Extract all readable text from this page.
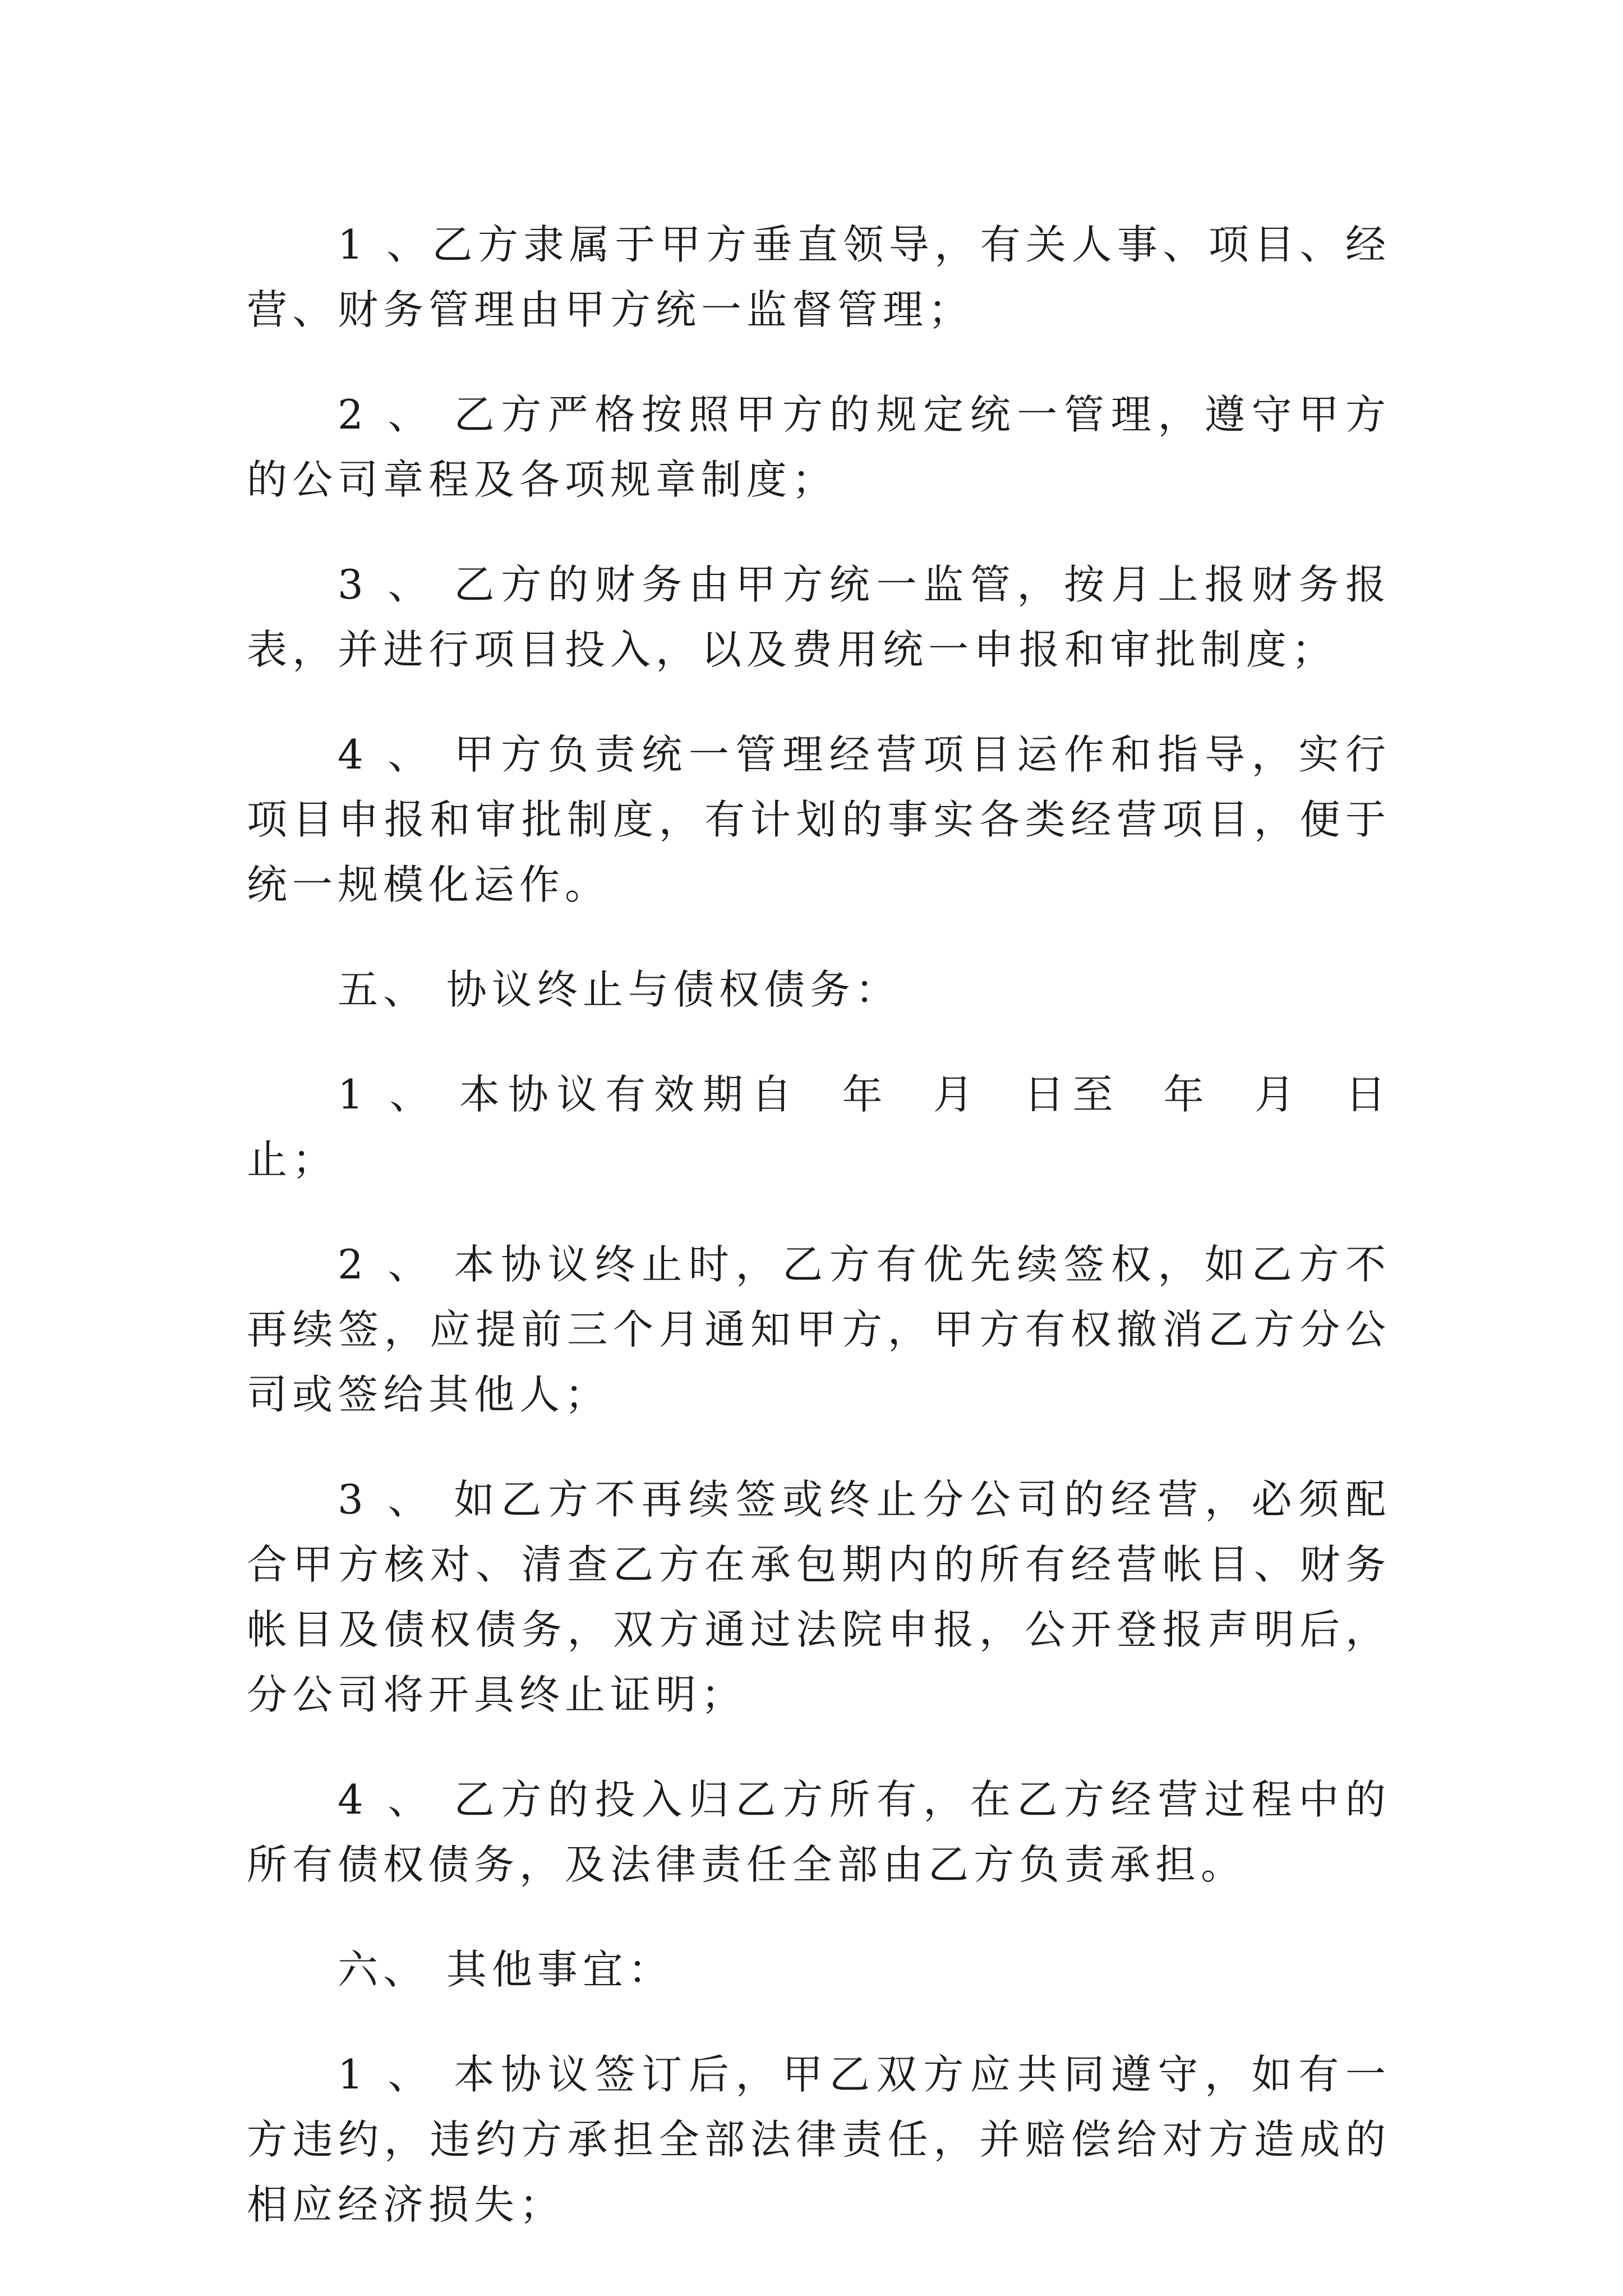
1 、乙方隶属于甲方垂直领导，有关人事、项目、经营、财务管理由甲方统一监督管理；

2 、 乙方严格按照甲方的规定统一管理，遵守甲方的公司章程及各项规章制度；

3 、 乙方的财务由甲方统一监管，按月上报财务报表，并进行项目投入，以及费用统一申报和审批制度；

4 、 甲方负责统一管理经营项目运作和指导，实行项目申报和审批制度，有计划的事实各类经营项目，便于统一规模化运作。

五、 协议终止与债权债务：

1 、 本协议有效期自  年  月  日至  年  月  日止；

2 、 本协议终止时，乙方有优先续签权，如乙方不再续签，应提前三个月通知甲方，甲方有权撤消乙方分公司或签给其他人；

3 、 如乙方不再续签或终止分公司的经营，必须配合甲方核对、清查乙方在承包期内的所有经营帐目、财务帐目及债权债务，双方通过法院申报，公开登报声明后，分公司将开具终止证明；

4 、 乙方的投入归乙方所有，在乙方经营过程中的所有债权债务，及法律责任全部由乙方负责承担。

六、 其他事宜：

1 、 本协议签订后，甲乙双方应共同遵守，如有一方违约，违约方承担全部法律责任，并赔偿给对方造成的相应经济损失；
